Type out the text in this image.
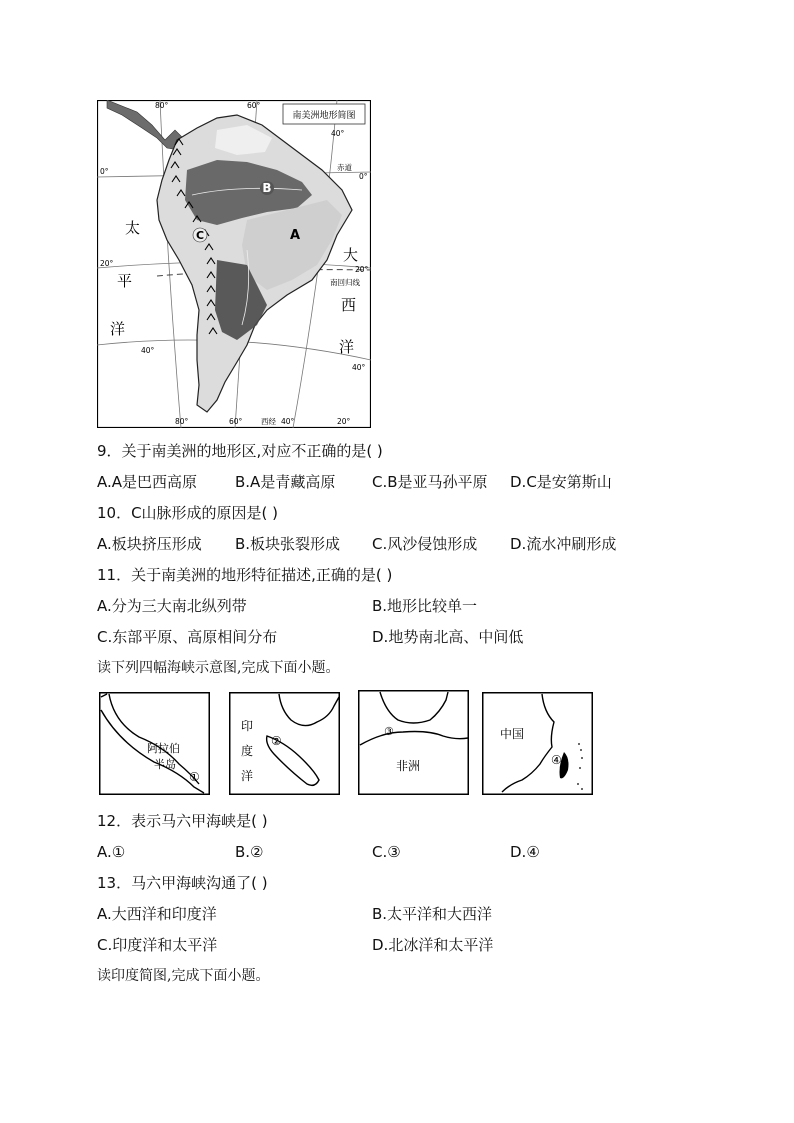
南美洲地形简图
80°	60°
40°
0°	赤道
0°
B
A
C
太
平
洋
大
西
洋
20°
20°
南回归线
40°
40°
80°	60° 西经 40°	20°
9．关于南美洲的地形区,对应不正确的是( )
A.A是巴西高原	B.A是青藏高原 C.B是亚马孙平原 D.C是安第斯山
10．C山脉形成的原因是( )
A.板块挤压形成 B.板块张裂形成 C.风沙侵蚀形成 D.流水冲刷形成
11．关于南美洲的地形特征描述,正确的是( )
A.分为三大南北纵列带	B.地形比较单一
C.东部平原、高原相间分布	D.地势南北高、中间低
读下列四幅海峡示意图,完成下面小题。
阿拉伯
半岛
①
印
度
洋
②
③
非洲
中国
④
12．表示马六甲海峡是( )
A.①	B.②	C.③	D.④
13．马六甲海峡沟通了( )
A.大西洋和印度洋	B.太平洋和大西洋
C.印度洋和太平洋	D.北冰洋和太平洋
读印度简图,完成下面小题。
